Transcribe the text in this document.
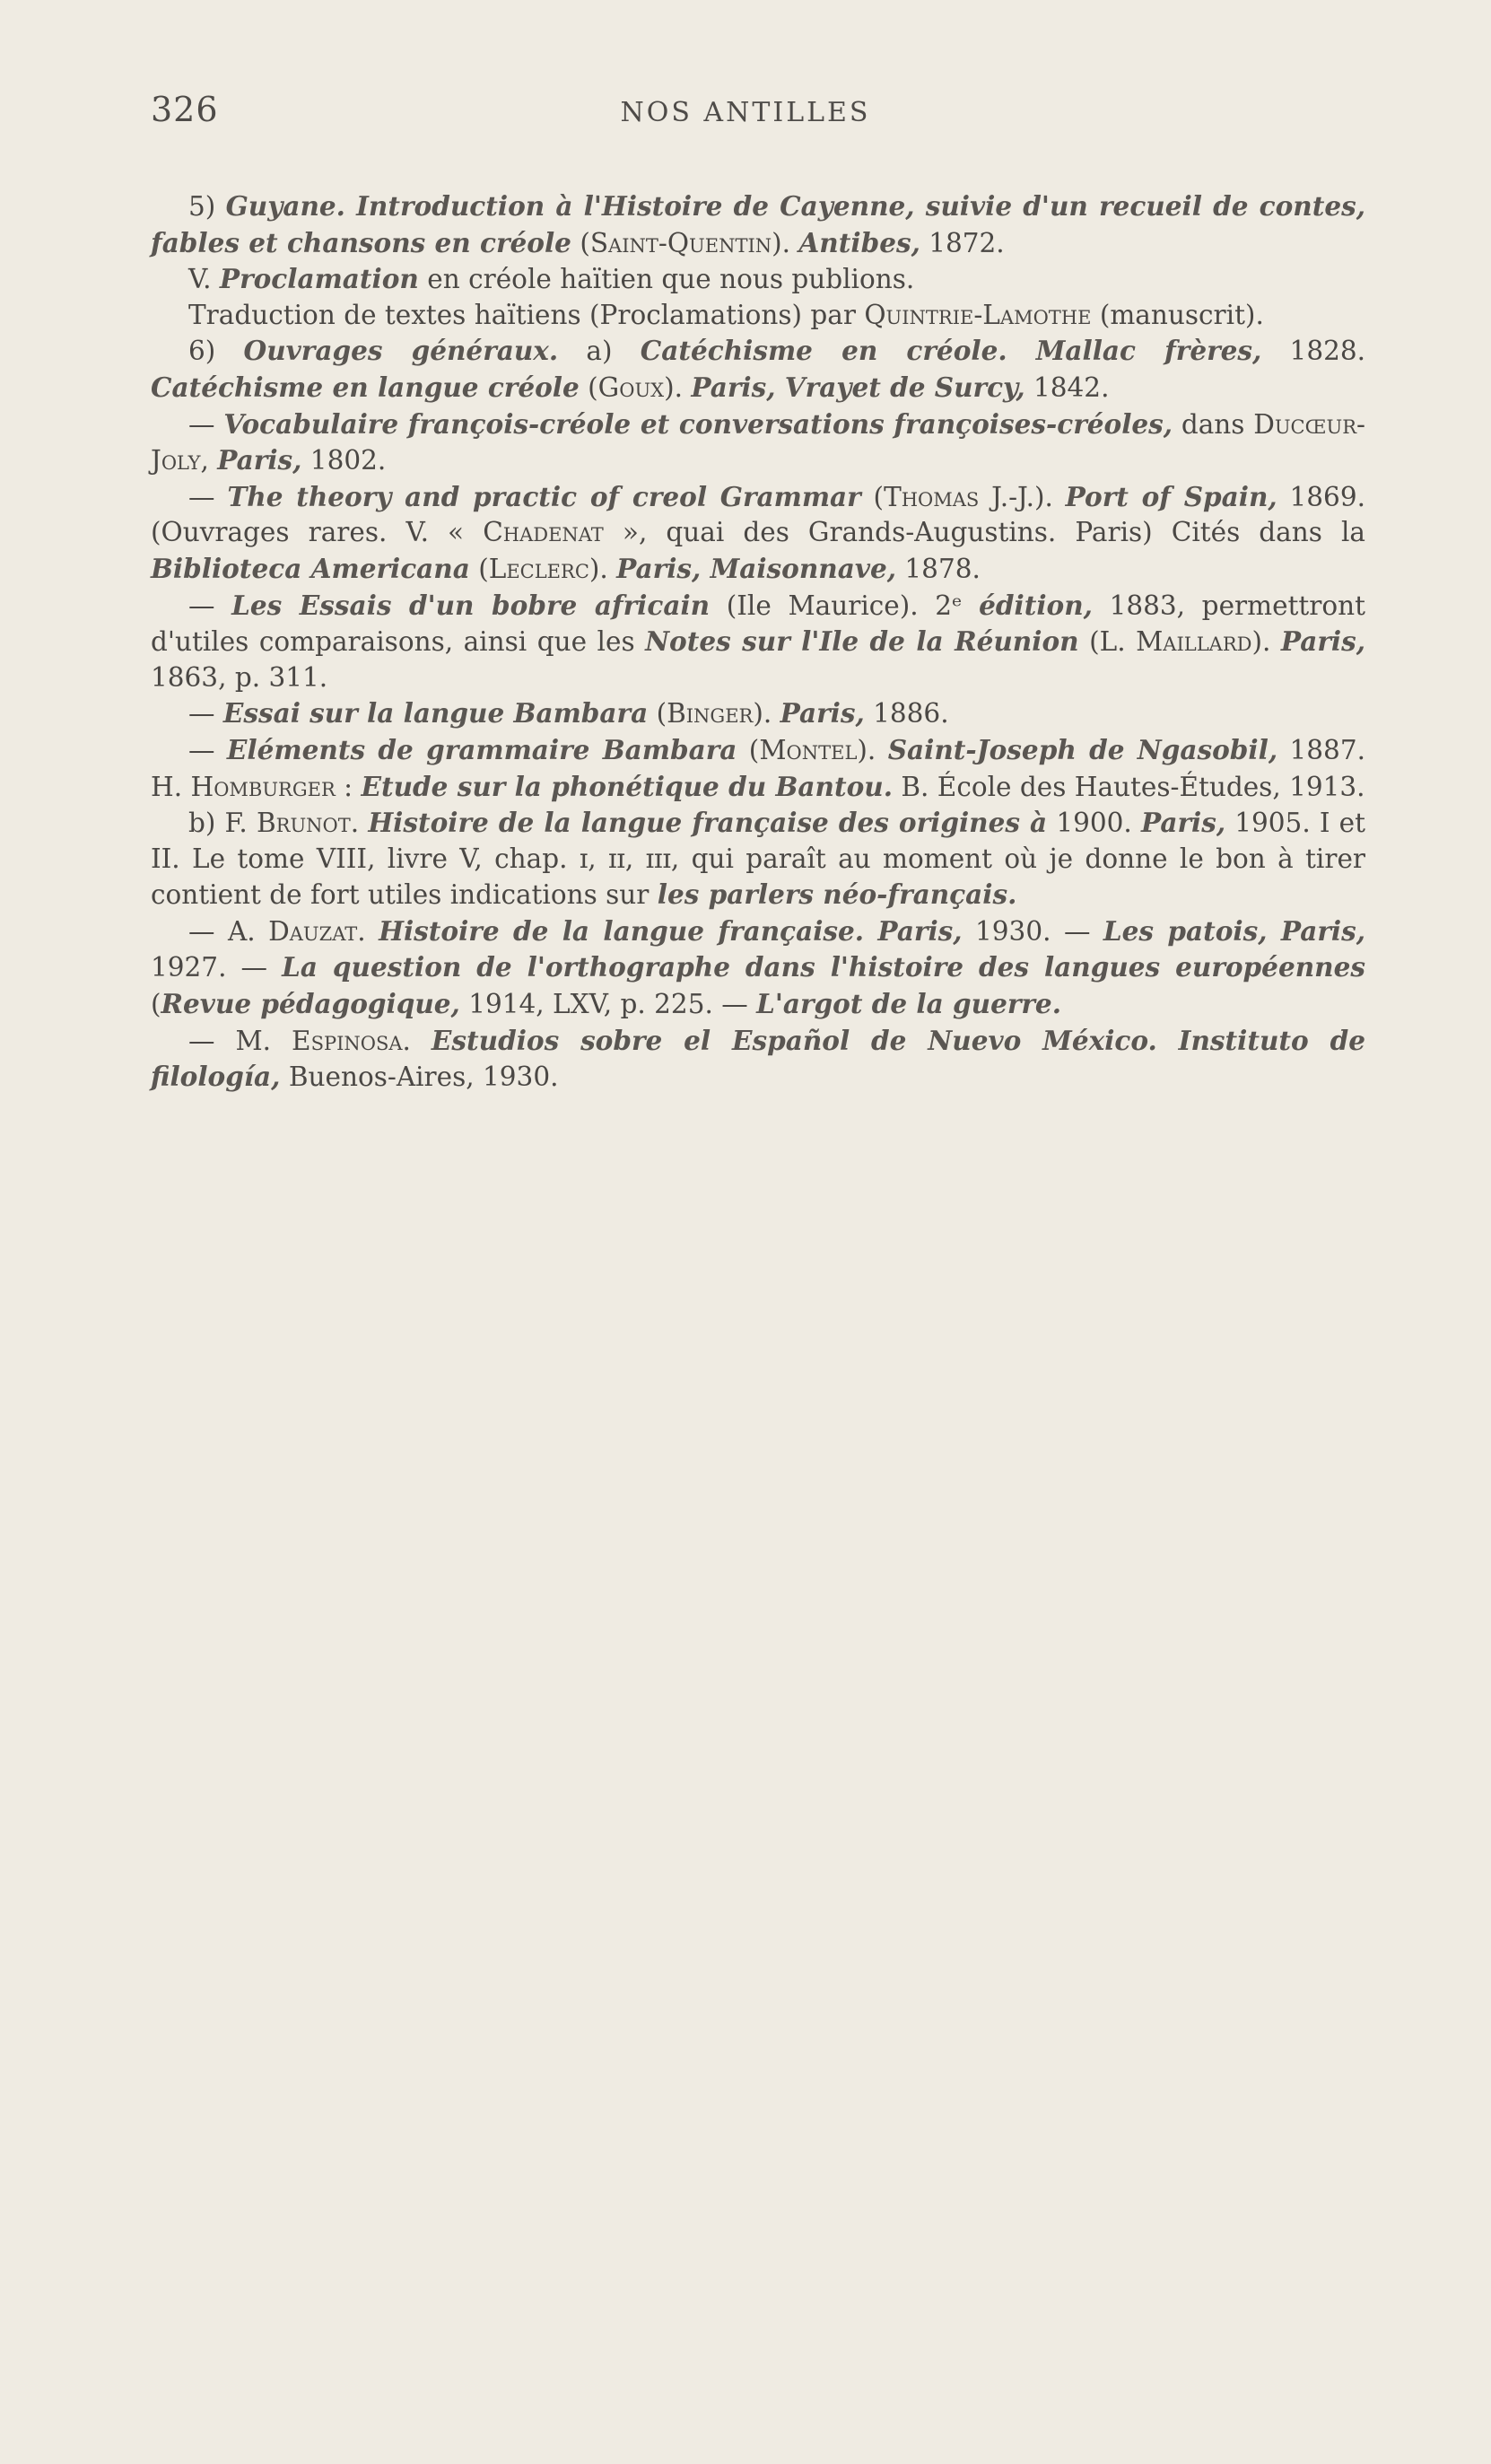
326	NOS ANTILLES

5) Guyane. Introduction à l'Histoire de Cayenne, suivie d'un recueil de contes, fables et chansons en créole (Saint-Quentin). Antibes, 1872.

V. Proclamation en créole haïtien que nous publions.

Traduction de textes haïtiens (Proclamations) par Quintrie-Lamothe (manuscrit).

6) Ouvrages généraux. a) Catéchisme en créole. Mallac frères, 1828. Catéchisme en langue créole (Goux). Paris, Vrayet de Surcy, 1842.

— Vocabulaire françois-créole et conversations françoises-créoles, dans Ducœur-Joly, Paris, 1802.

— The theory and practic of creol Grammar (Thomas J.-J.). Port of Spain, 1869. (Ouvrages rares. V. « Chadenat », quai des Grands-Augustins. Paris) Cités dans la Biblioteca Americana (Leclerc). Paris, Maisonnave, 1878.

— Les Essais d'un bobre africain (Ile Maurice). 2ᵉ édition, 1883, permettront d'utiles comparaisons, ainsi que les Notes sur l'Ile de la Réunion (L. Maillard). Paris, 1863, p. 311.

— Essai sur la langue Bambara (Binger). Paris, 1886.

— Eléments de grammaire Bambara (Montel). Saint-Joseph de Ngasobil, 1887. H. Homburger : Etude sur la phonétique du Bantou. B. École des Hautes-Études, 1913.

b) F. Brunot. Histoire de la langue française des origines à 1900. Paris, 1905. I et II. Le tome VIII, livre V, chap. ɪ, ɪɪ, ɪɪɪ, qui paraît au moment où je donne le bon à tirer contient de fort utiles indications sur les parlers néo-français.

— A. Dauzat. Histoire de la langue française. Paris, 1930. — Les patois, Paris, 1927. — La question de l'orthographe dans l'histoire des langues européennes (Revue pédagogique, 1914, LXV, p. 225. — L'argot de la guerre.

— M. Espinosa. Estudios sobre el Español de Nuevo México. Instituto de filología, Buenos-Aires, 1930.
